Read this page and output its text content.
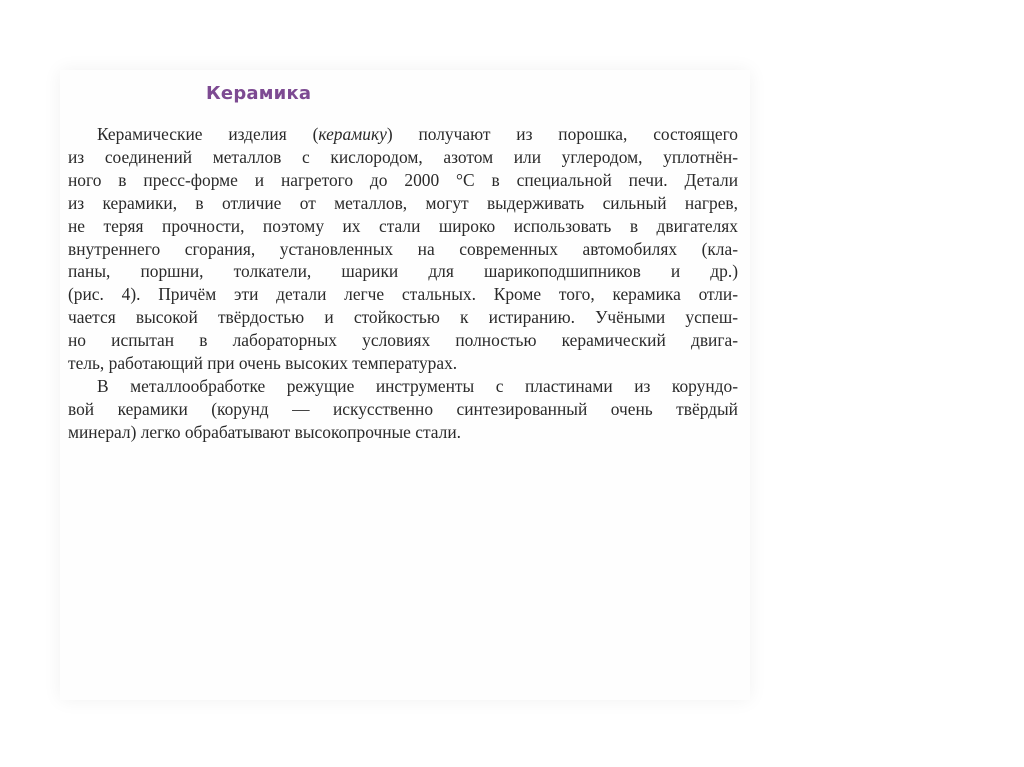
Керамика

Керамические изделия (керамику) получают из порошка, состоящего
из соединений металлов с кислородом, азотом или углеродом, уплотнён-
ного в пресс-форме и нагретого до 2000 °С в специальной печи. Детали
из керамики, в отличие от металлов, могут выдерживать сильный нагрев,
не теряя прочности, поэтому их стали широко использовать в двигателях
внутреннего сгорания, установленных на современных автомобилях (кла-
паны, поршни, толкатели, шарики для шарикоподшипников и др.)
(рис. 4). Причём эти детали легче стальных. Кроме того, керамика отли-
чается высокой твёрдостью и стойкостью к истиранию. Учёными успеш-
но испытан в лабораторных условиях полностью керамический двига-
тель, работающий при очень высоких температурах.

В металлообработке режущие инструменты с пластинами из корундо-
вой керамики (корунд — искусственно синтезированный очень твёрдый
минерал) легко обрабатывают высокопрочные стали.
